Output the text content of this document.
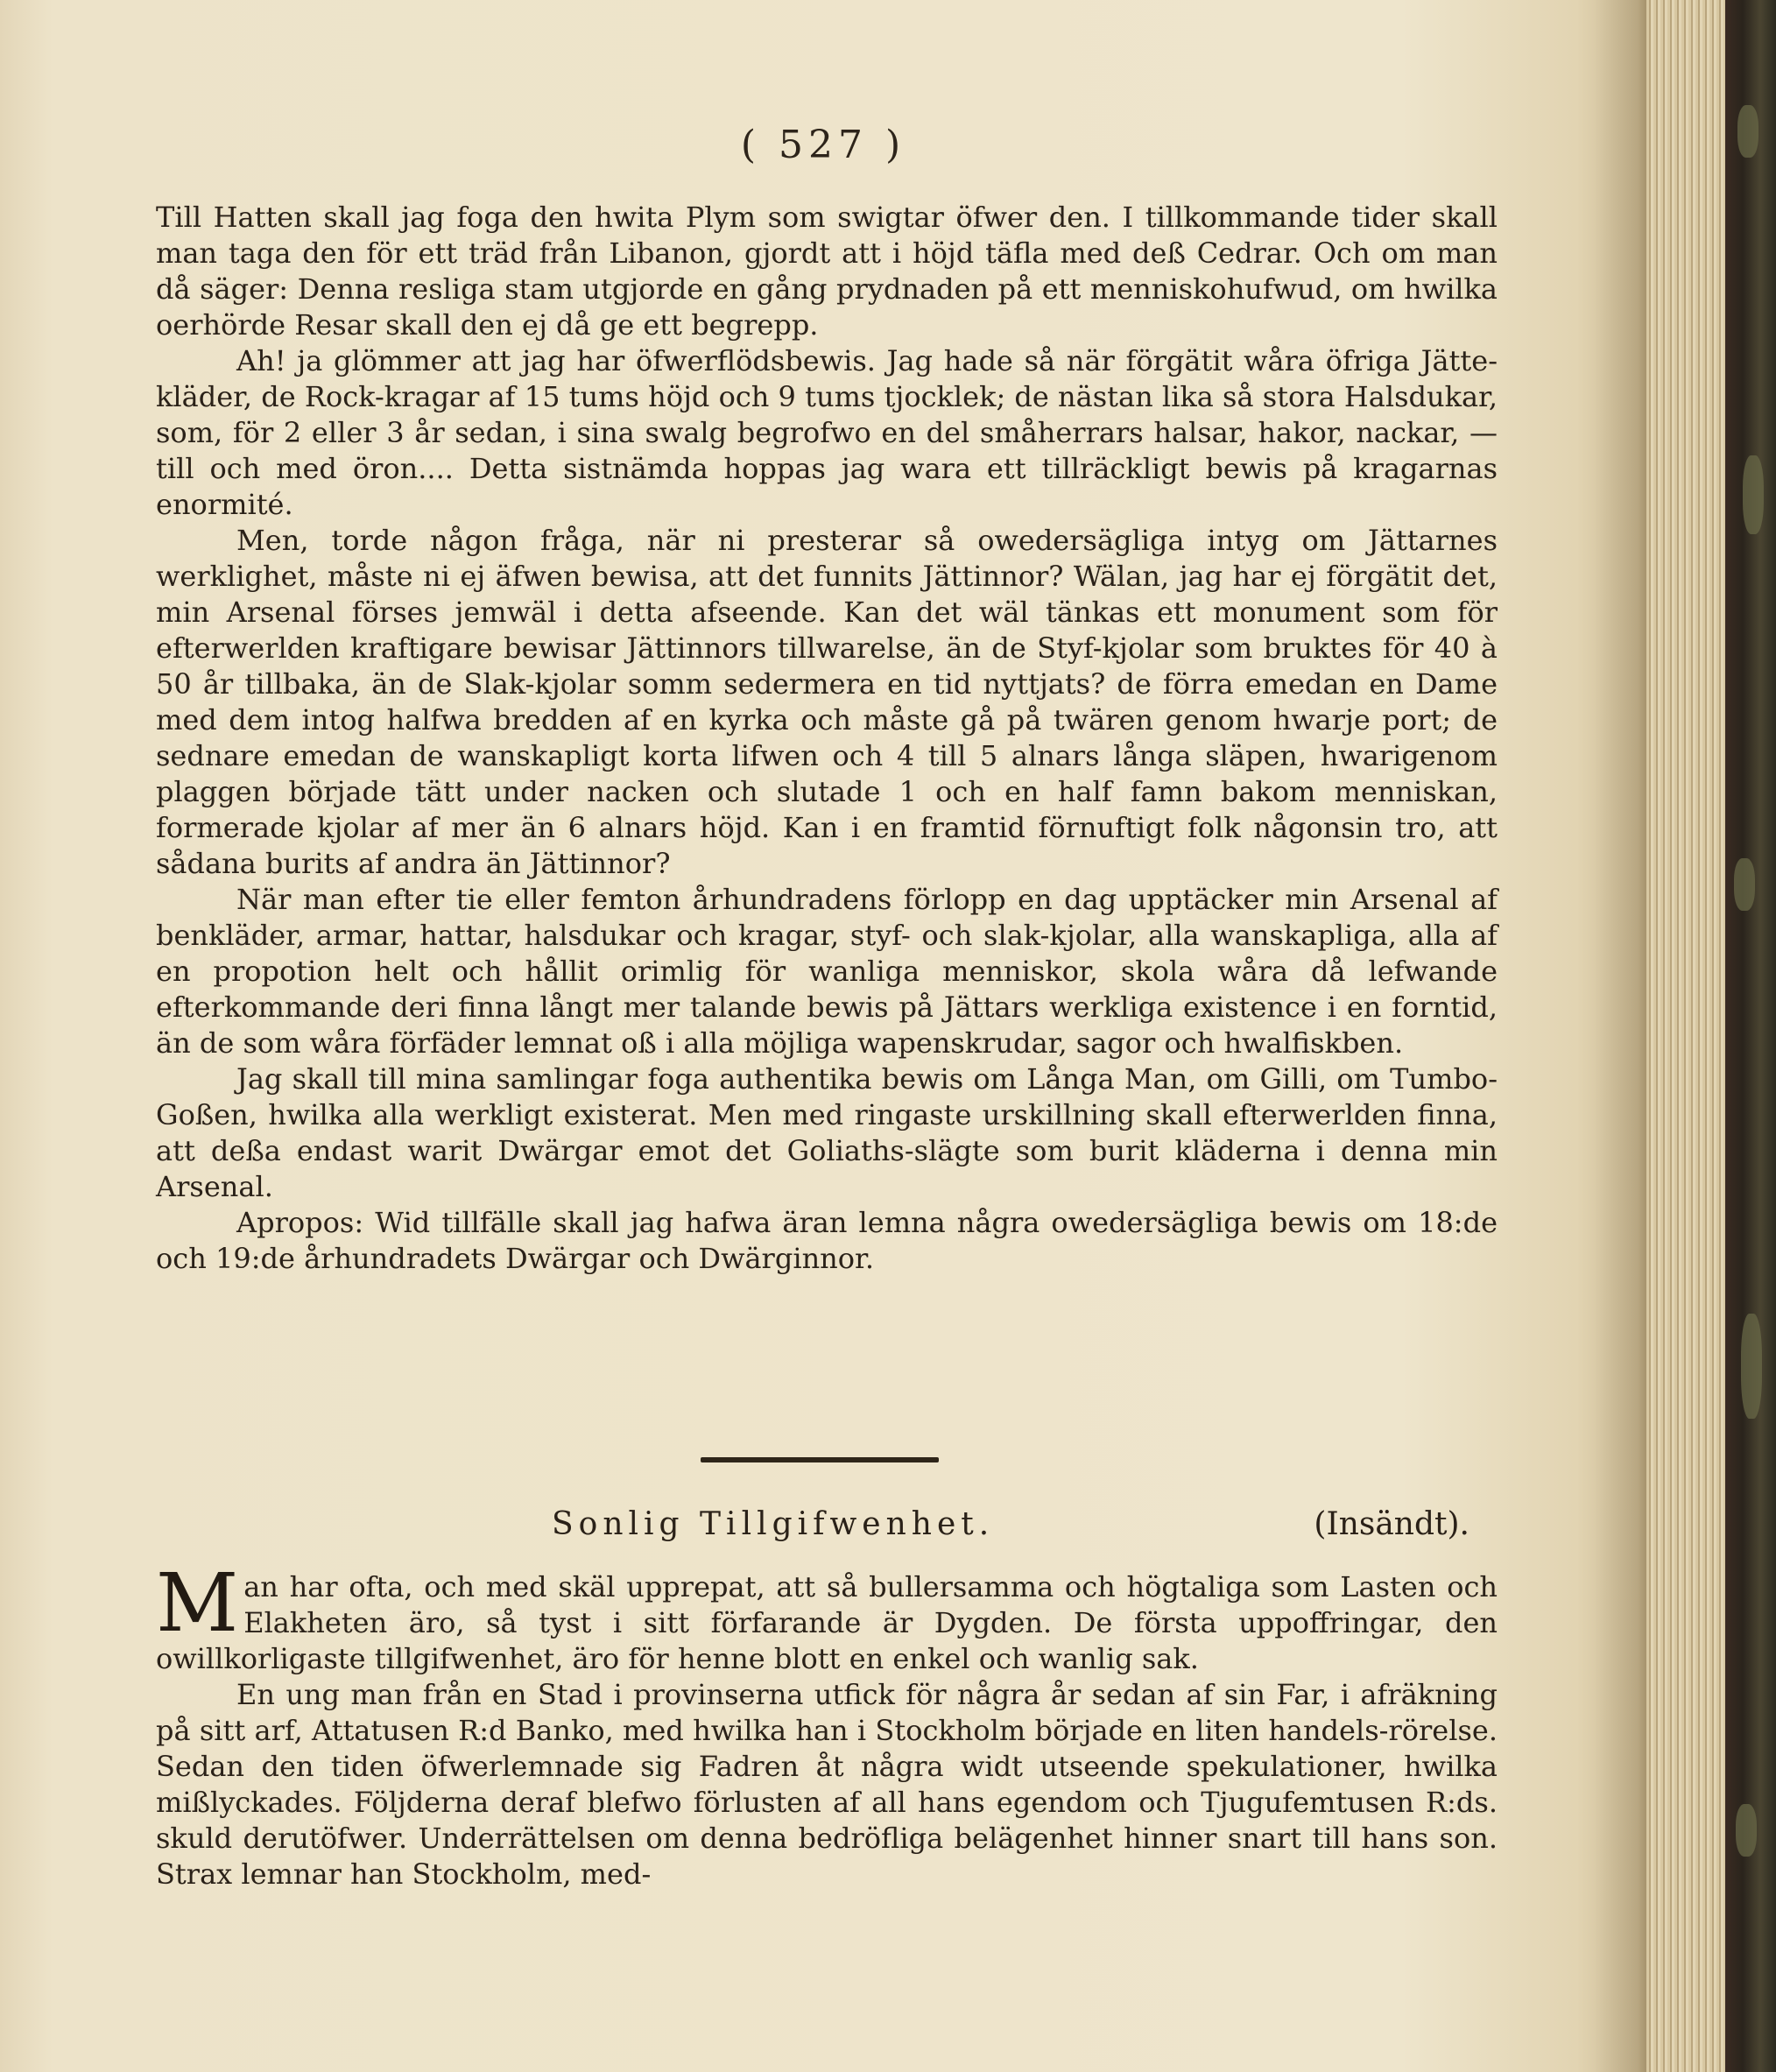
( 527 )

Till Hatten skall jag foga den hwita Plym som swigtar öfwer den. I tillkommande tider skall man taga den för ett träd från Libanon, gjordt att i höjd täfla med deß Cedrar. Och om man då säger: Denna resliga stam utgjorde en gång prydnaden på ett menniskohufwud, om hwilka oerhörde Resar skall den ej då ge ett begrepp.

Ah! ja glömmer att jag har öfwerflödsbewis. Jag hade så när förgätit wåra öfriga Jätte-kläder, de Rock-kragar af 15 tums höjd och 9 tums tjocklek; de nästan lika så stora Halsdukar, som, för 2 eller 3 år sedan, i sina swalg begrofwo en del småherrars halsar, hakor, nackar, — till och med öron.... Detta sistnämda hoppas jag wara ett tillräckligt bewis på kragarnas enormité.

Men, torde någon fråga, när ni presterar så owedersägliga intyg om Jättarnes werklighet, måste ni ej äfwen bewisa, att det funnits Jättinnor? Wälan, jag har ej förgätit det, min Arsenal förses jemwäl i detta afseende. Kan det wäl tänkas ett monument som för efterwerlden kraftigare bewisar Jättinnors tillwarelse, än de Styf-kjolar som bruktes för 40 à 50 år tillbaka, än de Slak-kjolar somm sedermera en tid nyttjats? de förra emedan en Dame med dem intog halfwa bredden af en kyrka och måste gå på twären genom hwarje port; de sednare emedan de wanskapligt korta lifwen och 4 till 5 alnars långa släpen, hwarigenom plaggen började tätt under nacken och slutade 1 och en half famn bakom menniskan, formerade kjolar af mer än 6 alnars höjd. Kan i en framtid förnuftigt folk någonsin tro, att sådana burits af andra än Jättinnor?

När man efter tie eller femton århundradens förlopp en dag upptäcker min Arsenal af benkläder, armar, hattar, halsdukar och kragar, styf- och slak-kjolar, alla wanskapliga, alla af en propotion helt och hållit orimlig för wanliga menniskor, skola wåra då lefwande efterkommande deri finna långt mer talande bewis på Jättars werkliga existence i en forntid, än de som wåra förfäder lemnat oß i alla möjliga wapenskrudar, sagor och hwalfiskben.

Jag skall till mina samlingar foga authentika bewis om Långa Man, om Gilli, om Tumbo-Goßen, hwilka alla werkligt existerat. Men med ringaste urskillning skall efterwerlden finna, att deßa endast warit Dwärgar emot det Goliaths-slägte som burit kläderna i denna min Arsenal.

Apropos: Wid tillfälle skall jag hafwa äran lemna några owedersägliga bewis om 18:de och 19:de århundradets Dwärgar och Dwärginnor.

Sonlig Tillgifwenhet.	(Insändt).

M an har ofta, och med skäl upprepat, att så bullersamma och högtaliga som Lasten och Elakheten äro, så tyst i sitt förfarande är Dygden. De första uppoffringar, den owillkorligaste tillgifwenhet, äro för henne blott en enkel och wanlig sak.

En ung man från en Stad i provinserna utfick för några år sedan af sin Far, i afräkning på sitt arf, Attatusen R:d Banko, med hwilka han i Stockholm började en liten handels-rörelse. Sedan den tiden öfwerlemnade sig Fadren åt några widt utseende spekulationer, hwilka mißlyckades. Följderna deraf blefwo förlusten af all hans egendom och Tjugufemtusen R:ds. skuld derutöfwer. Underrättelsen om denna bedröfliga belägenhet hinner snart till hans son. Strax lemnar han Stockholm, med-
